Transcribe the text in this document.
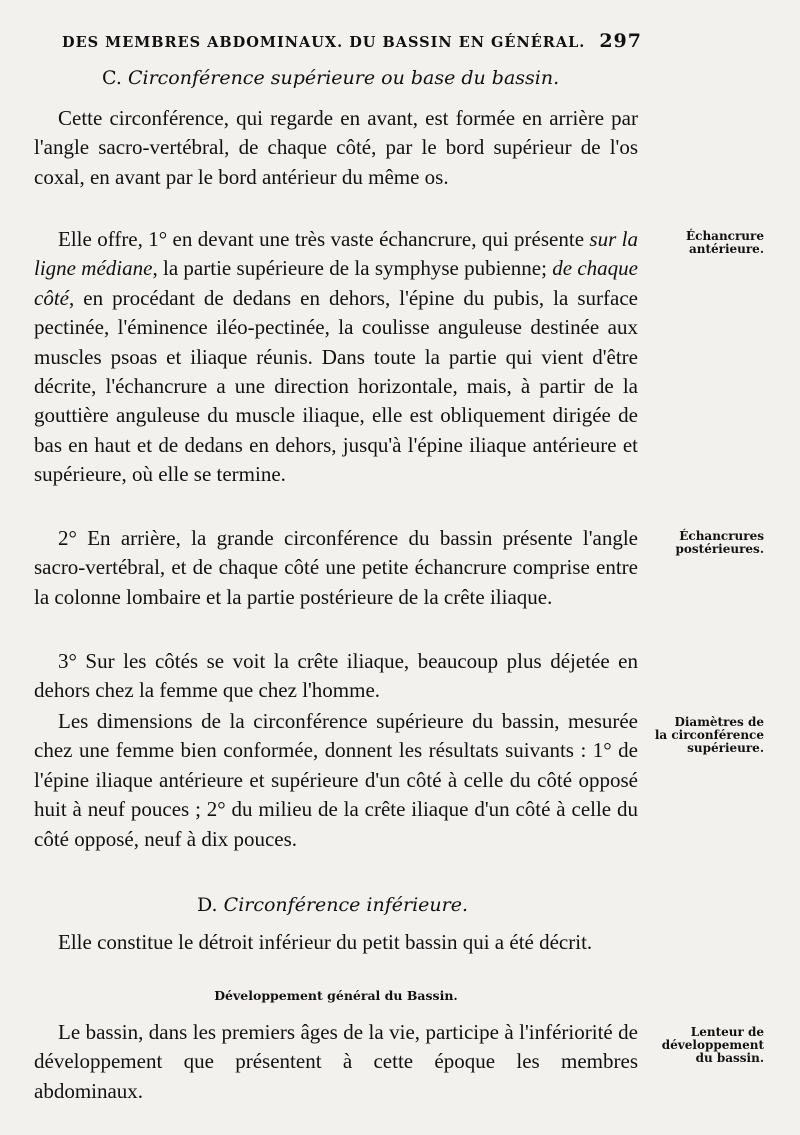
DES MEMBRES ABDOMINAUX. DU BASSIN EN GÉNÉRAL. 297
C. Circonférence supérieure ou base du bassin.
Cette circonférence, qui regarde en avant, est formée en arrière par l'angle sacro-vertébral, de chaque côté, par le bord supérieur de l'os coxal, en avant par le bord antérieur du même os.
Elle offre, 1° en devant une très vaste échancrure, qui présente sur la ligne médiane, la partie supérieure de la symphyse pubienne; de chaque côté, en procédant de dedans en dehors, l'épine du pubis, la surface pectinée, l'éminence iléo-pectinée, la coulisse anguleuse destinée aux muscles psoas et iliaque réunis. Dans toute la partie qui vient d'être décrite, l'échancrure a une direction horizontale, mais, à partir de la gouttière anguleuse du muscle iliaque, elle est obliquement dirigée de bas en haut et de dedans en dehors, jusqu'à l'épine iliaque antérieure et supérieure, où elle se termine.
2° En arrière, la grande circonférence du bassin présente l'angle sacro-vertébral, et de chaque côté une petite échancrure comprise entre la colonne lombaire et la partie postérieure de la crête iliaque.
3° Sur les côtés se voit la crête iliaque, beaucoup plus déjetée en dehors chez la femme que chez l'homme.
Les dimensions de la circonférence supérieure du bassin, mesurée chez une femme bien conformée, donnent les résultats suivants : 1° de l'épine iliaque antérieure et supérieure d'un côté à celle du côté opposé huit à neuf pouces ; 2° du milieu de la crête iliaque d'un côté à celle du côté opposé, neuf à dix pouces.
D. Circonférence inférieure.
Elle constitue le détroit inférieur du petit bassin qui a été décrit.
Développement général du Bassin.
Le bassin, dans les premiers âges de la vie, participe à l'infériorité de développement que présentent à cette époque les membres abdominaux.
Échancrure
antérieure.
Échancrures
postérieures.
Diamètres de
la circonférence
supérieure.
Lenteur de
développement
du bassin.
